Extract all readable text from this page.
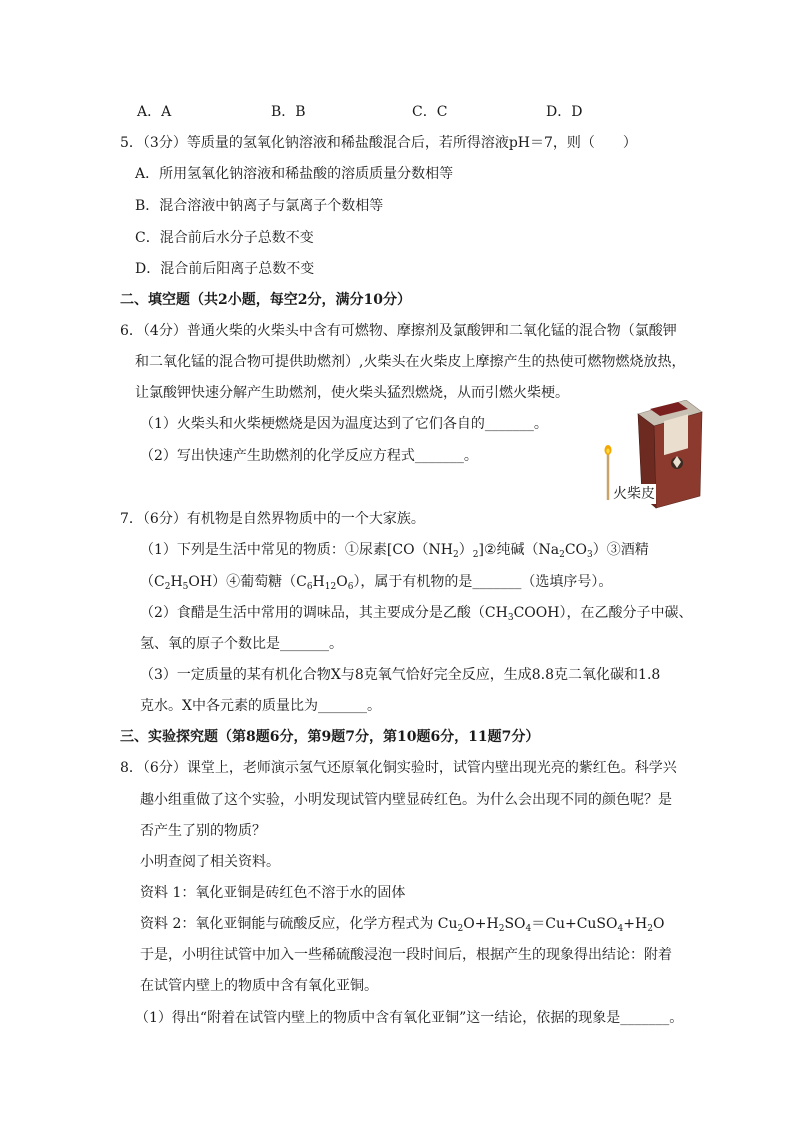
A．A	B．B	C．C	D．D
5．（3分）等质量的氢氧化钠溶液和稀盐酸混合后，若所得溶液pH＝7，则（　　）
A．所用氢氧化钠溶液和稀盐酸的溶质质量分数相等
B．混合溶液中钠离子与氯离子个数相等
C．混合前后水分子总数不变
D．混合前后阳离子总数不变
二、填空题（共2小题，每空2分，满分10分）
6．（4分）普通火柴的火柴头中含有可燃物、摩擦剂及氯酸钾和二氧化锰的混合物（氯酸钾
和二氧化锰的混合物可提供助燃剂）,火柴头在火柴皮上摩擦产生的热使可燃物燃烧放热，
让氯酸钾快速分解产生助燃剂，使火柴头猛烈燃烧，从而引燃火柴梗。
（1）火柴头和火柴梗燃烧是因为温度达到了它们各自的_______。
（2）写出快速产生助燃剂的化学反应方程式_______。
火柴皮
7．（6分）有机物是自然界物质中的一个大家族。
（1）下列是生活中常见的物质：①尿素$[CO(NH_2)_2]②$纯碱$(Na_2CO_3)③$酒精
$(C_2H_5OH)④$葡萄糖$(C_6H_{12}O_6)$，属于有机物的是_______（选填序号）。
（2）食醋是生活中常用的调味品，其主要成分是乙酸$(CH_3COOH)$，在乙酸分子中碳、
氢、氧的原子个数比是_______。
（3）一定质量的某有机化合物X与8克氧气恰好完全反应，生成8.8克二氧化碳和1.8
克水。X中各元素的质量比为_______。
三、实验探究题（第8题6分，第9题7分，第10题6分，11题7分）
8．（6分）课堂上，老师演示氢气还原氧化铜实验时，试管内壁出现光亮的紫红色。科学兴
趣小组重做了这个实验，小明发现试管内壁显砖红色。为什么会出现不同的颜色呢？是
否产生了别的物质？
小明查阅了相关资料。
资料 1：氧化亚铜是砖红色不溶于水的固体
资料 2：氧化亚铜能与硫酸反应，化学方程式为 $Cu_2O+H_2SO_4=Cu+CuSO_4+H_2O$
于是，小明往试管中加入一些稀硫酸浸泡一段时间后，根据产生的现象得出结论：附着
在试管内壁上的物质中含有氧化亚铜。
（1）得出“附着在试管内壁上的物质中含有氧化亚铜”这一结论，依据的现象是_______。
